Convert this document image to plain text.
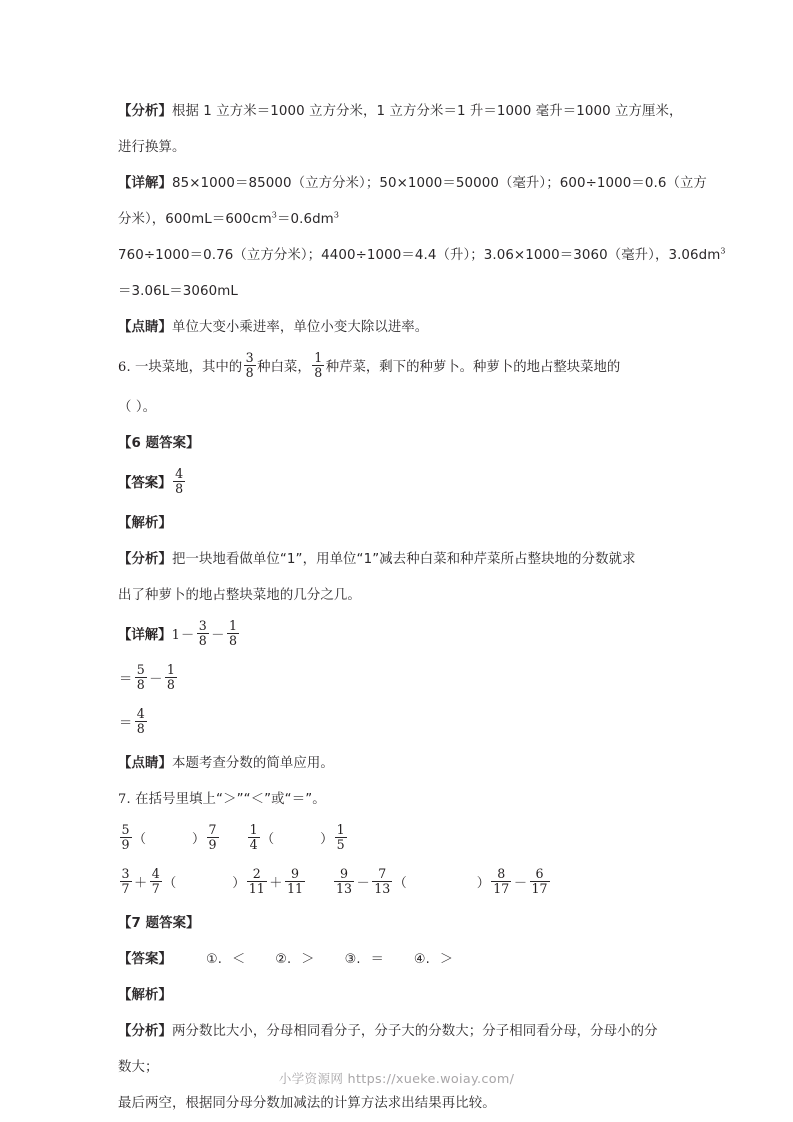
【分析】根据 1 立方米＝1000 立方分米，1 立方分米＝1 升＝1000 毫升＝1000 立方厘米，
进行换算。
【详解】85×1000＝85000（立方分米）；50×1000＝50000（毫升）；600÷1000＝0.6（立方
分米），$600mL=600cm^3=0.6dm^3$
760÷1000＝0.76（立方分米）；4400÷1000＝4.4（升）；3.06×1000＝3060（毫升），$3.06dm^3$
＝3.06L＝3060mL
【点睛】单位大变小乘进率，单位小变大除以进率。
6. 一块菜地，其中的 $\frac{3}{8}$ 种白菜， $\frac{1}{8}$ 种芹菜，剩下的种萝卜。种萝卜的地占整块菜地的
（ ）。
【6 题答案】
【答案】 $\frac{4}{8}$
【解析】
【分析】把一块地看做单位“1”，用单位“1”减去种白菜和种芹菜所占整块地的分数就求
出了种萝卜的地占整块菜地的几分之几。
【详解】$1- \frac{3}{8} - \frac{1}{8}$
＝ $\frac{5}{8} - \frac{1}{8}$
＝ $\frac{4}{8}$
【点睛】本题考查分数的简单应用。
7. 在括号里填上“＞”“＜”或“＝”。
$\frac{5}{9}$ （	） $\frac{7}{9} \frac{1}{4}$ （	） $\frac{1}{5}$
$\frac{3}{7} + \frac{4}{7}$ （	） $\frac{2}{11} + \frac{9}{11} \frac{9}{13} - \frac{7}{13}$ （	） $\frac{8}{17} - \frac{6}{17}$
【7 题答案】
【答案】	①. ＜ ②. ＞ ③. ＝ ④. ＞
【解析】
【分析】两分数比大小，分母相同看分子，分子大的分数大；分子相同看分母，分母小的分
数大；
最后两空，根据同分母分数加减法的计算方法求出结果再比较。
小学资源网 https://xueke.woiay.com/
